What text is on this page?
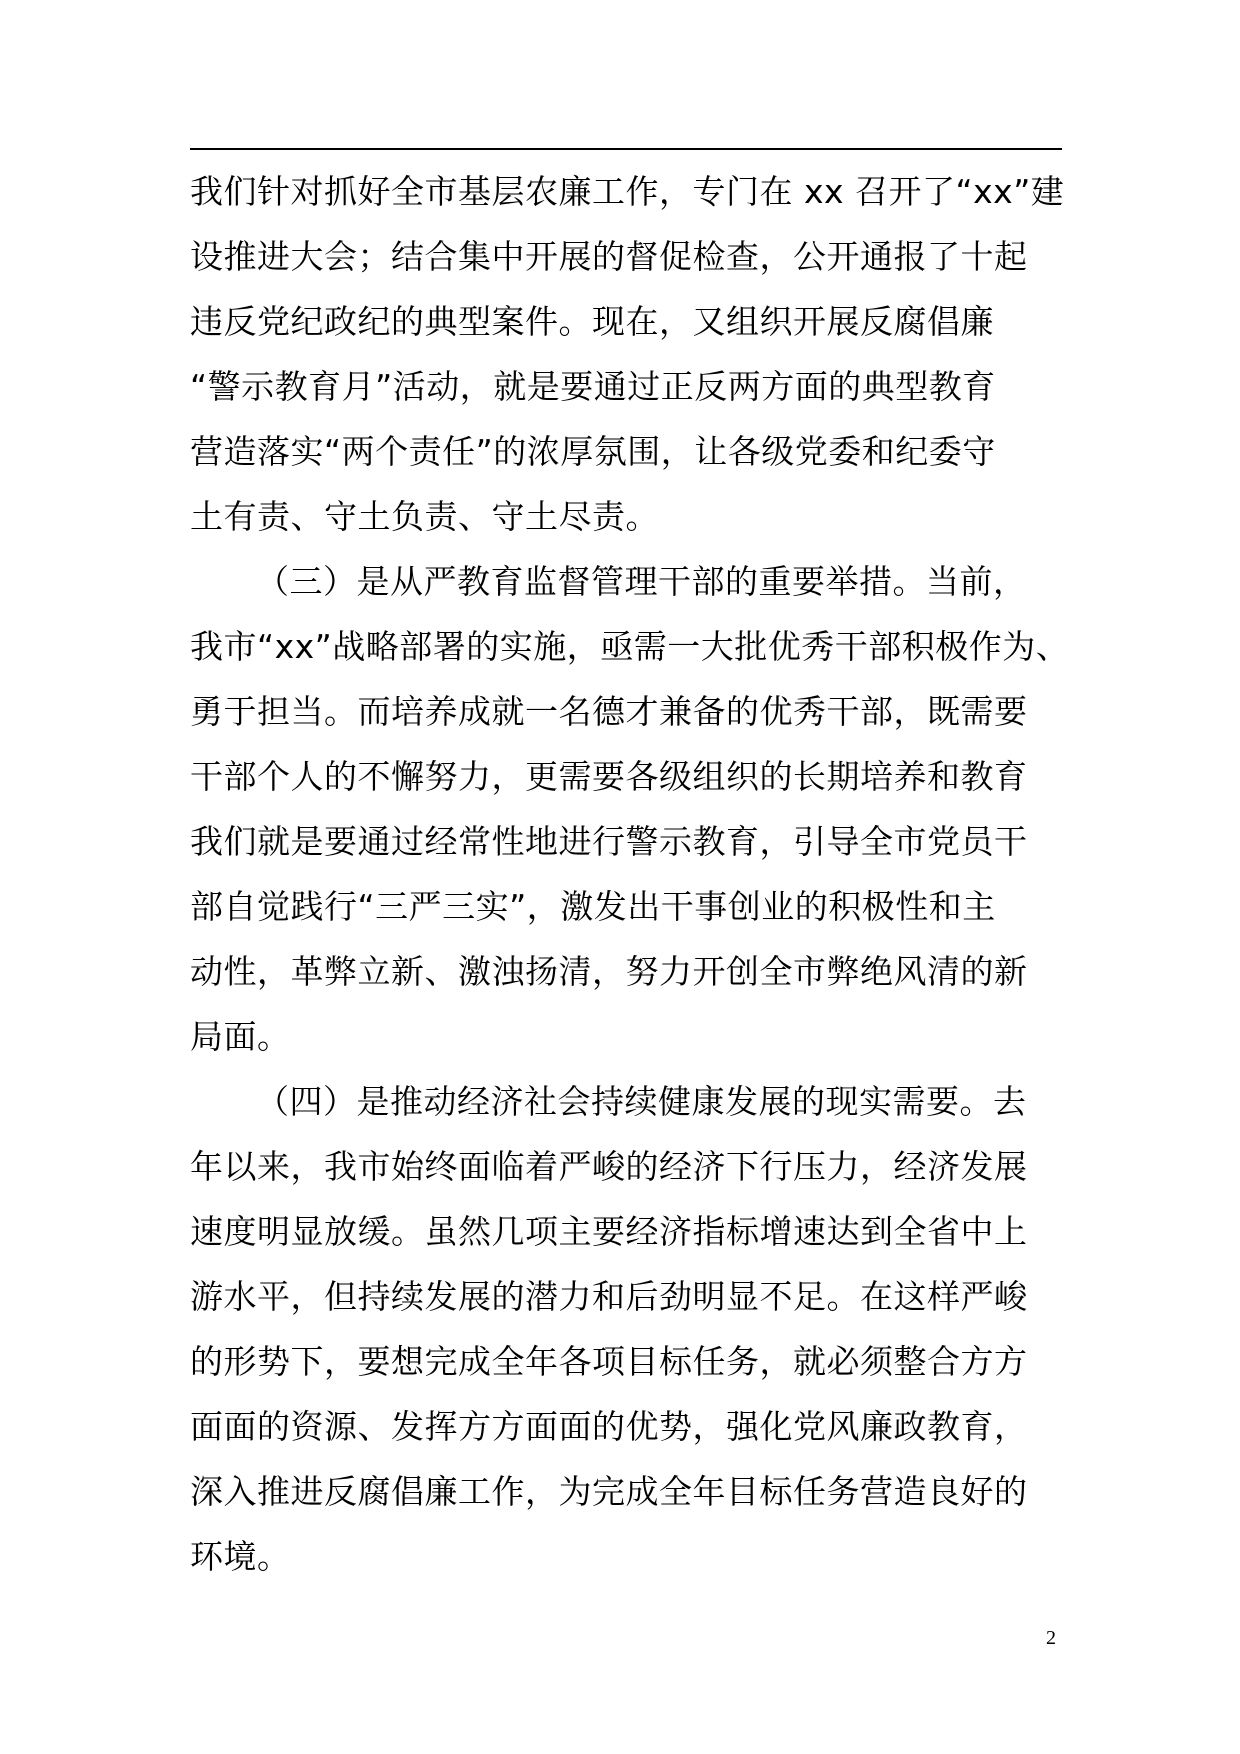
我们针对抓好全市基层农廉工作，专门在 xx 召开了“xx”建
设推进大会；结合集中开展的督促检查，公开通报了十起
违反党纪政纪的典型案件。现在，又组织开展反腐倡廉
“警示教育月”活动，就是要通过正反两方面的典型教育
营造落实“两个责任”的浓厚氛围，让各级党委和纪委守
土有责、守土负责、守土尽责。
（三）是从严教育监督管理干部的重要举措。当前，
我市“xx”战略部署的实施，亟需一大批优秀干部积极作为、
勇于担当。而培养成就一名德才兼备的优秀干部，既需要
干部个人的不懈努力，更需要各级组织的长期培养和教育
我们就是要通过经常性地进行警示教育，引导全市党员干
部自觉践行“三严三实”，激发出干事创业的积极性和主
动性，革弊立新、激浊扬清，努力开创全市弊绝风清的新
局面。
（四）是推动经济社会持续健康发展的现实需要。去
年以来，我市始终面临着严峻的经济下行压力，经济发展
速度明显放缓。虽然几项主要经济指标增速达到全省中上
游水平，但持续发展的潜力和后劲明显不足。在这样严峻
的形势下，要想完成全年各项目标任务，就必须整合方方
面面的资源、发挥方方面面的优势，强化党风廉政教育，
深入推进反腐倡廉工作，为完成全年目标任务营造良好的
环境。
2
